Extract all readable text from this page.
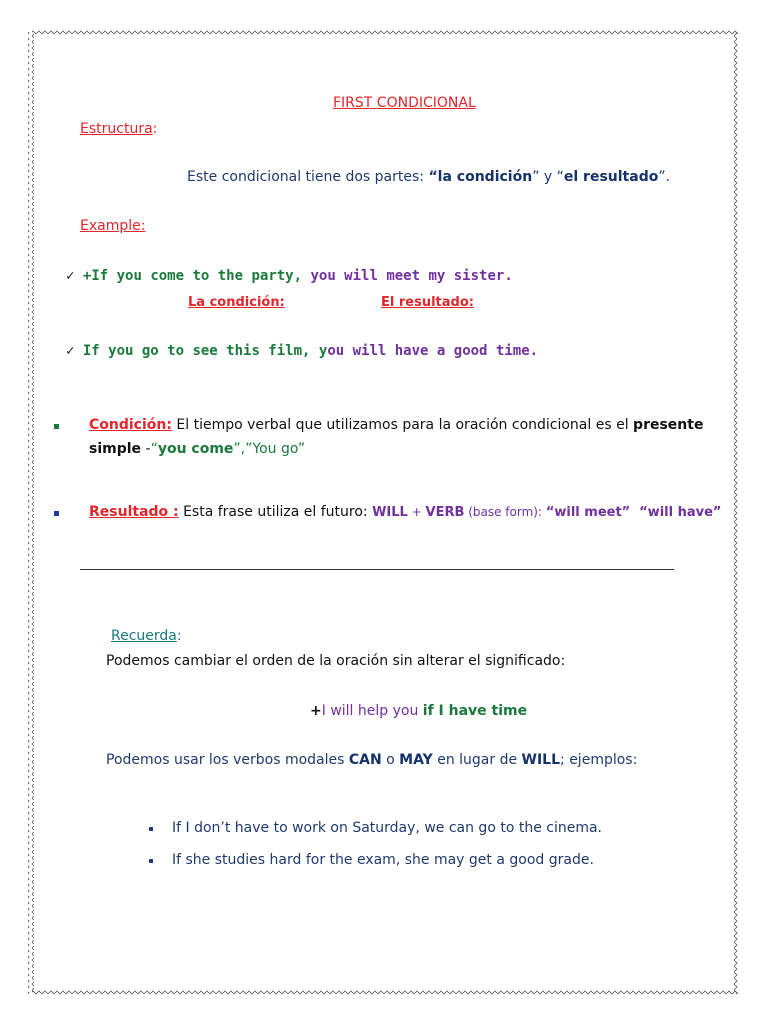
FIRST CONDICIONAL
Estructura:
Este condicional tiene dos partes: “la condición” y “el resultado”.
Example:
✓ +If you come to the party, you will meet my sister.
La condición:	El resultado:
✓ If you go to see this film, you will have a good time.
Condición: El tiempo verbal que utilizamos para la oración condicional es el presente
simple -“you come”,”You go”
Resultado : Esta frase utiliza el futuro: WILL + VERB (base form): “will meet” “will have”
Recuerda:
Podemos cambiar el orden de la oración sin alterar el significado:
+I will help you if I have time
Podemos usar los verbos modales CAN o MAY en lugar de WILL; ejemplos:
If I don’t have to work on Saturday, we can go to the cinema.
If she studies hard for the exam, she may get a good grade.
